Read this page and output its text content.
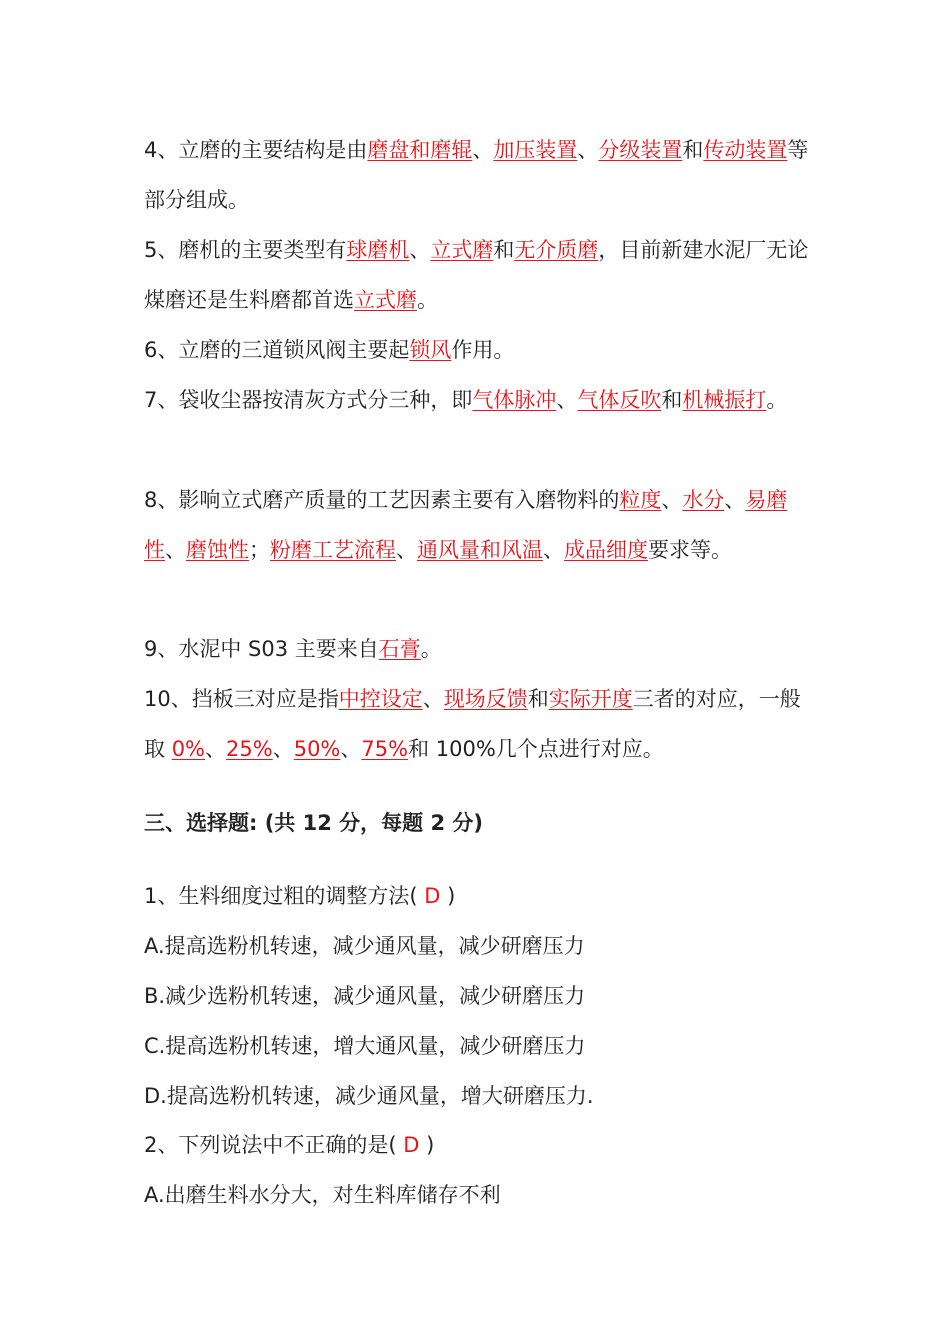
4、立磨的主要结构是由磨盘和磨辊、加压装置、分级装置和传动装置等部分组成。
5、磨机的主要类型有球磨机、立式磨和无介质磨，目前新建水泥厂无论煤磨还是生料磨都首选立式磨。
6、立磨的三道锁风阀主要起锁风作用。
7、袋收尘器按清灰方式分三种，即气体脉冲、气体反吹和机械振打。
8、影响立式磨产质量的工艺因素主要有入磨物料的粒度、水分、易磨性、磨蚀性；粉磨工艺流程、通风量和风温、成品细度要求等。
9、水泥中 S03 主要来自石膏。
10、挡板三对应是指中控设定、现场反馈和实际开度三者的对应，一般取 0%、25%、50%、75%和 100%几个点进行对应。
三、选择题: (共 12 分，每题 2 分)
1、生料细度过粗的调整方法( D )
A.提高选粉机转速，减少通风量，减少研磨压力
B.减少选粉机转速，减少通风量，减少研磨压力
C.提高选粉机转速，增大通风量，减少研磨压力
D.提高选粉机转速，减少通风量，增大研磨压力.
2、下列说法中不正确的是( D )
A.出磨生料水分大，对生料库储存不利
